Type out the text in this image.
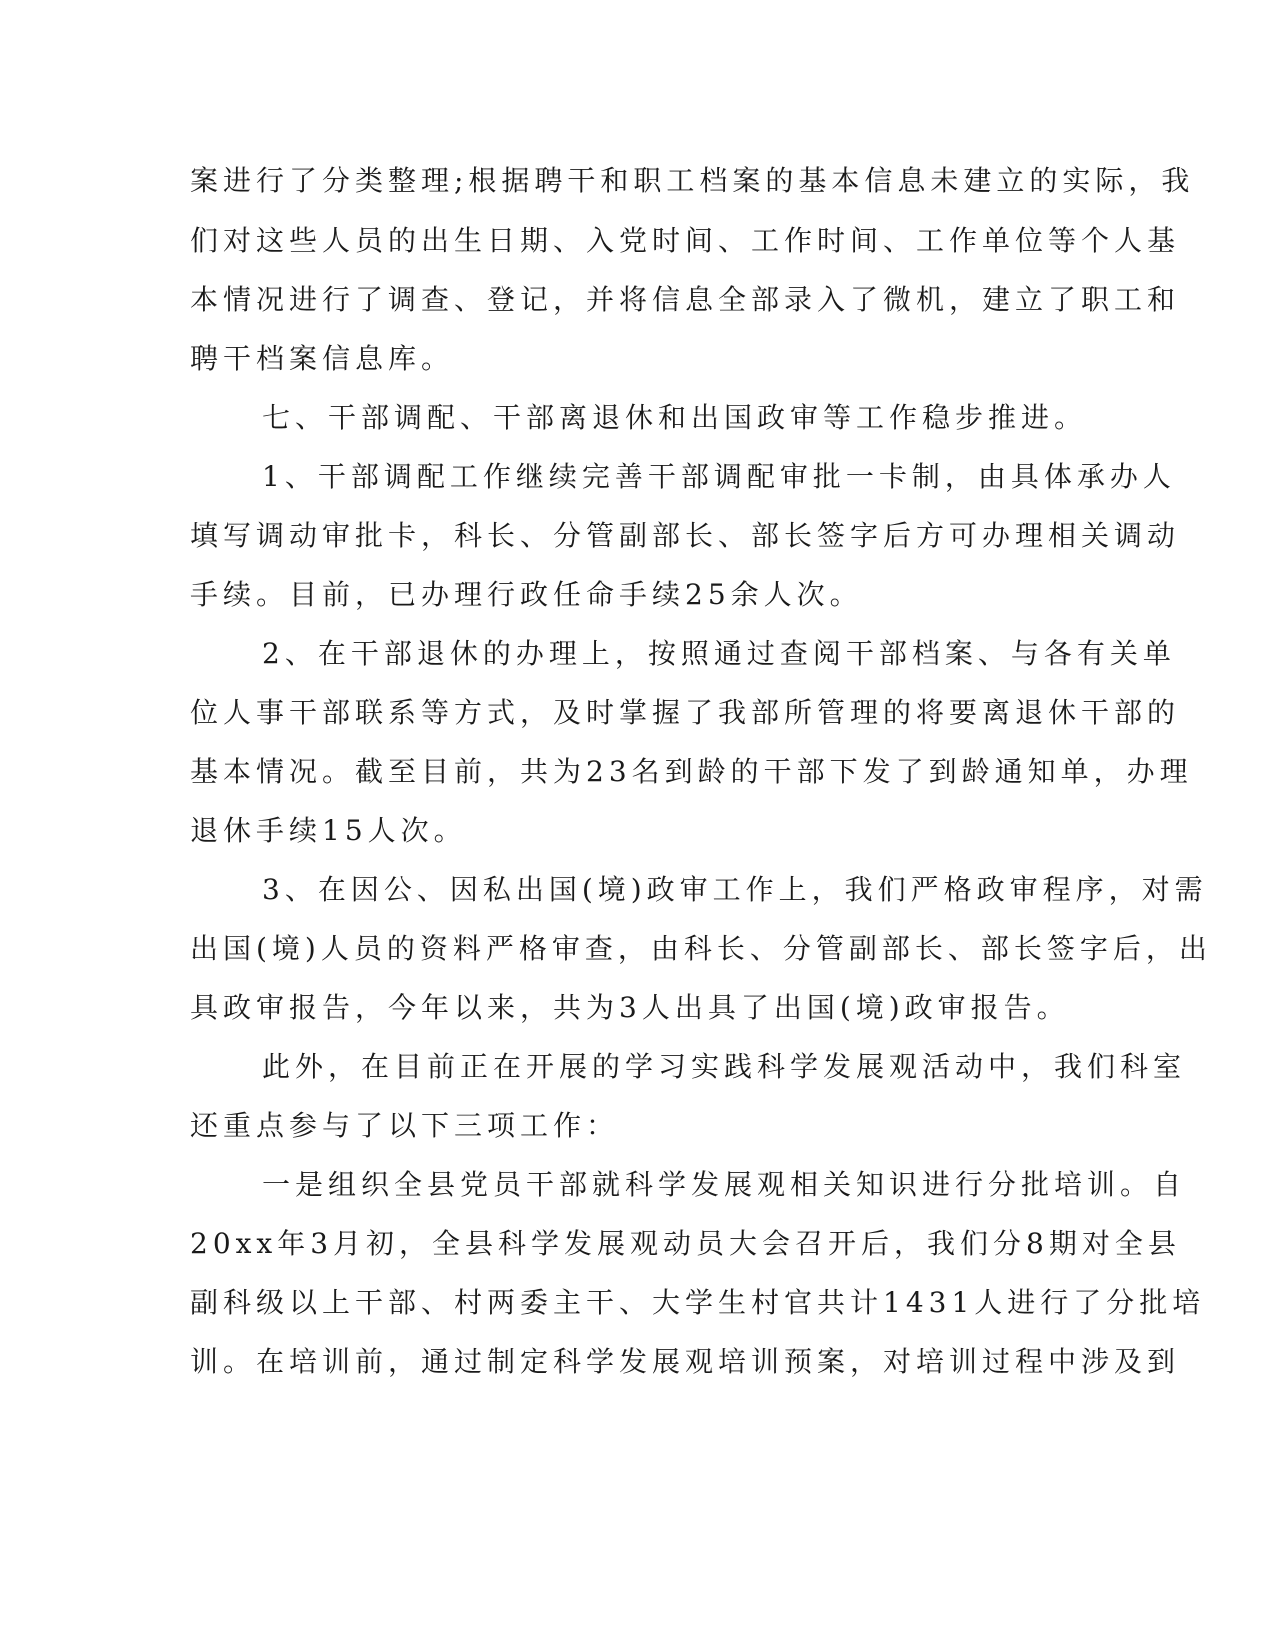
案进行了分类整理;根据聘干和职工档案的基本信息未建立的实际，我
们对这些人员的出生日期、入党时间、工作时间、工作单位等个人基
本情况进行了调查、登记，并将信息全部录入了微机，建立了职工和
聘干档案信息库。
七、干部调配、干部离退休和出国政审等工作稳步推进。
1、干部调配工作继续完善干部调配审批一卡制，由具体承办人
填写调动审批卡，科长、分管副部长、部长签字后方可办理相关调动
手续。目前，已办理行政任命手续25余人次。
2、在干部退休的办理上，按照通过查阅干部档案、与各有关单
位人事干部联系等方式，及时掌握了我部所管理的将要离退休干部的
基本情况。截至目前，共为23名到龄的干部下发了到龄通知单，办理
退休手续15人次。
3、在因公、因私出国(境)政审工作上，我们严格政审程序，对需
出国(境)人员的资料严格审查，由科长、分管副部长、部长签字后，出
具政审报告，今年以来，共为3人出具了出国(境)政审报告。
此外，在目前正在开展的学习实践科学发展观活动中，我们科室
还重点参与了以下三项工作：
一是组织全县党员干部就科学发展观相关知识进行分批培训。自
20xx年3月初，全县科学发展观动员大会召开后，我们分8期对全县
副科级以上干部、村两委主干、大学生村官共计1431人进行了分批培
训。在培训前，通过制定科学发展观培训预案，对培训过程中涉及到
